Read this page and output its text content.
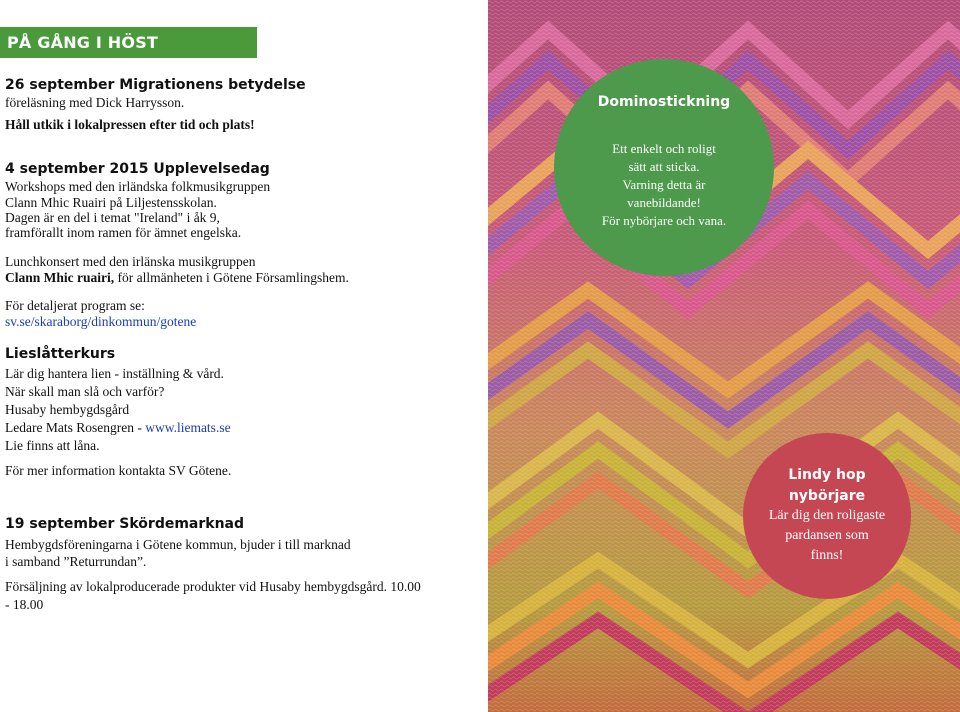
PÅ GÅNG I HÖST
26 september Migrationens betydelse
föreläsning med Dick Harrysson.
Håll utkik i lokalpressen efter tid och plats!
4 september 2015 Upplevelsedag
Workshops med den irländska folkmusikgruppen
Clann Mhic Ruairi på Liljestensskolan.
Dagen är en del i temat "Ireland" i åk 9,
framförallt inom ramen för ämnet engelska.
Lunchkonsert med den irlänska musikgruppen
Clann Mhic ruairi, för allmänheten i Götene Församlingshem.
För detaljerat program se:
sv.se/skaraborg/dinkommun/gotene
Lieslåtterkurs
Lär dig hantera lien - inställning & vård.
När skall man slå och varför?
Husaby hembygdsgård
Ledare Mats Rosengren - www.liemats.se
Lie finns att låna.
För mer information kontakta SV Götene.
19 september Skördemarknad
Hembygdsföreningarna i Götene kommun, bjuder i till marknad
i samband ”Returrundan”.
Försäljning av lokalproducerade produkter vid Husaby hembygdsgård. 10.00
- 18.00
Dominostickning
Ett enkelt och roligt
sätt att sticka.
Varning detta är
vanebildande!
För nybörjare och vana.
Lindy hop
nybörjare
Lär dig den roligaste
pardansen som
finns!
